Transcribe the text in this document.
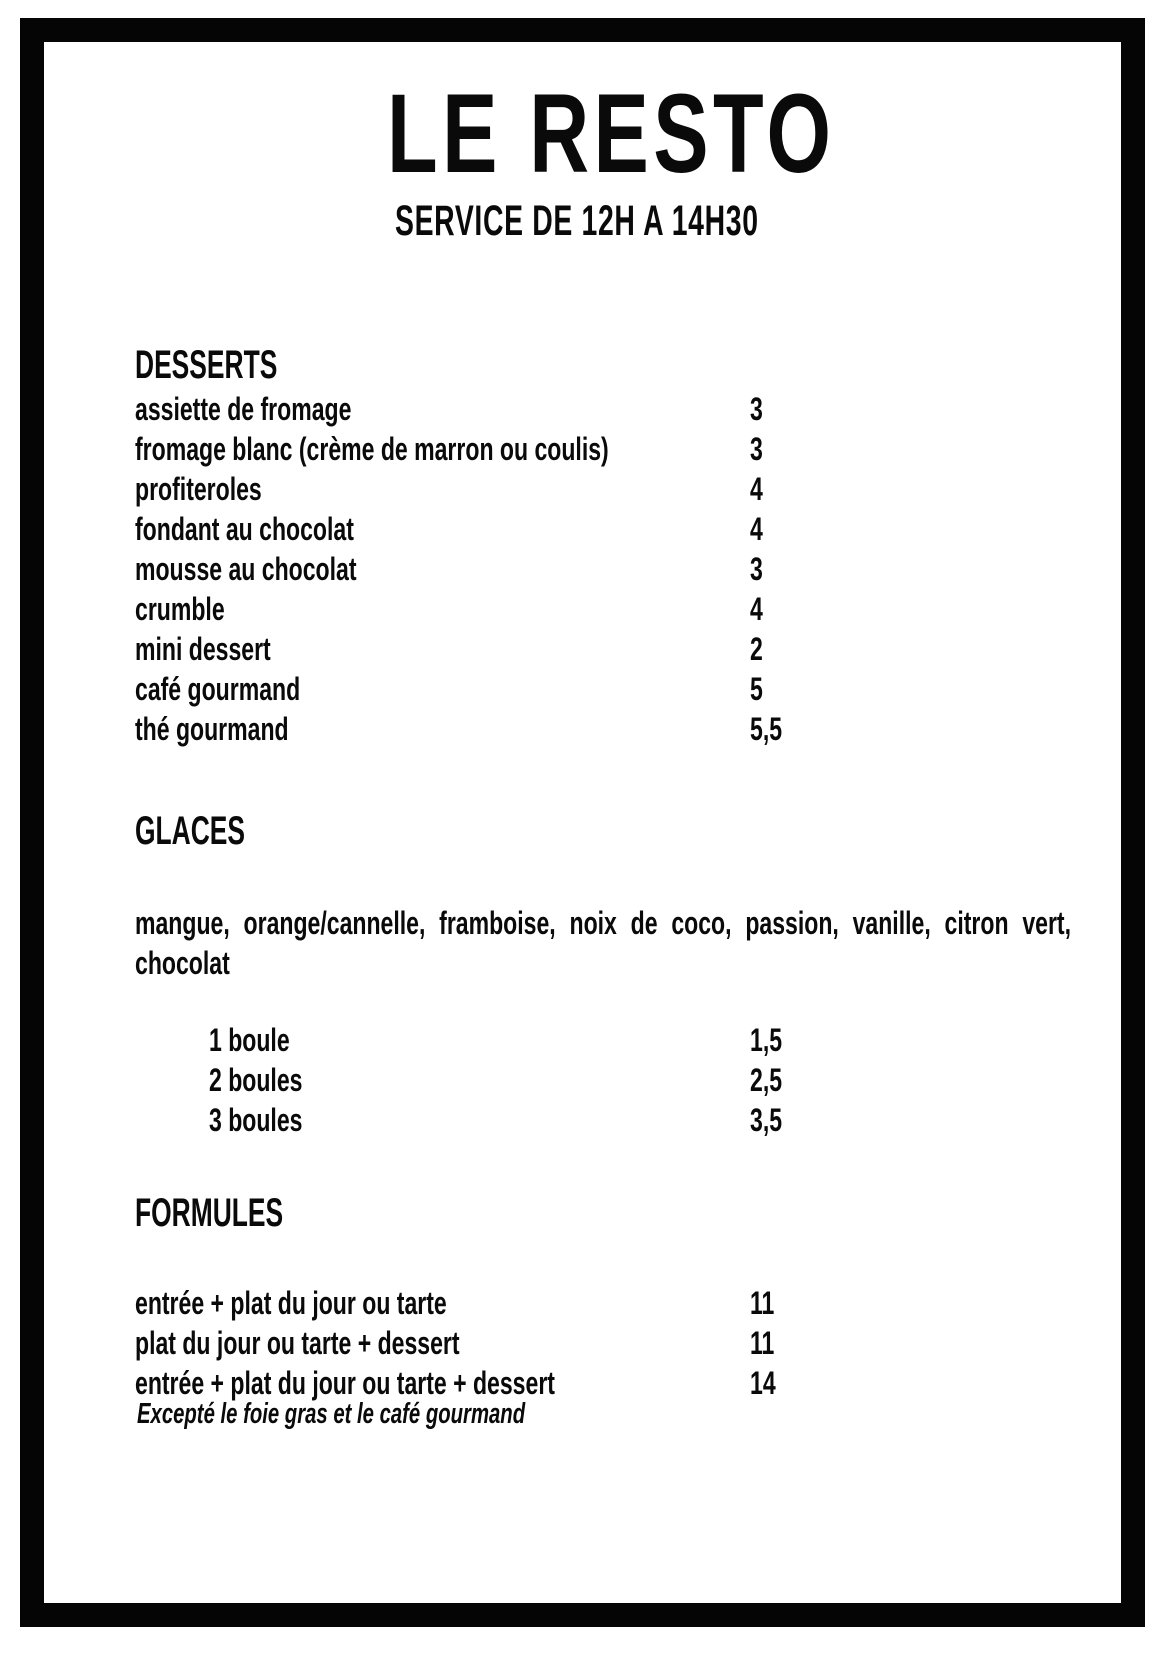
LE RESTO
SERVICE DE 12H A 14H30
DESSERTS
assiette de fromage	3
fromage blanc (crème de marron ou coulis)	3
profiteroles	4
fondant au chocolat	4
mousse au chocolat	3
crumble	4
mini dessert	2
café gourmand	5
thé gourmand	5,5
GLACES
mangue, orange/cannelle, framboise, noix de coco, passion, vanille, citron vert, chocolat
1 boule	1,5
2 boules	2,5
3 boules	3,5
FORMULES
entrée + plat du jour ou tarte	11
plat du jour ou tarte + dessert	11
entrée + plat du jour ou tarte + dessert	14
Excepté le foie gras et le café gourmand
